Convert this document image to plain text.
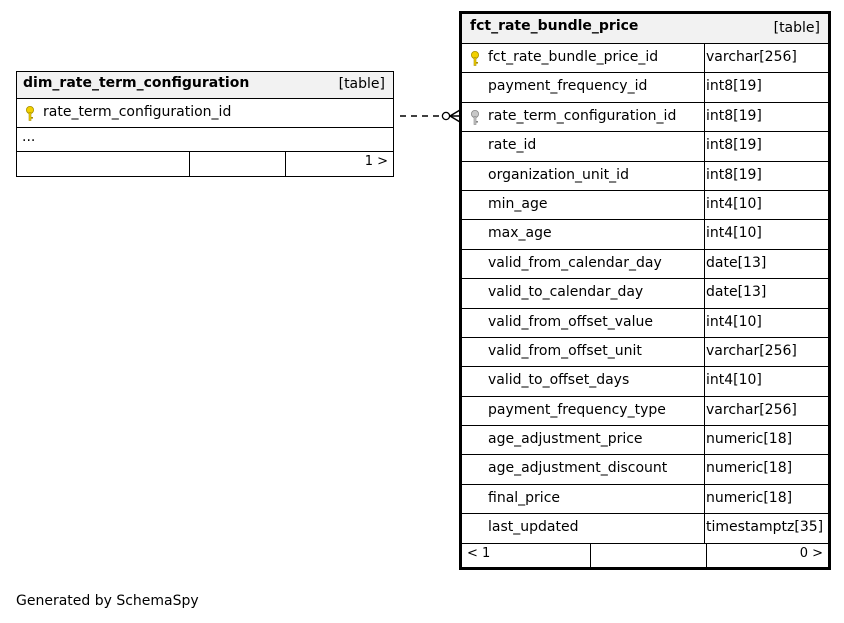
dim_rate_term_configuration	[table]
rate_term_configuration_id
...
1 >
fct_rate_bundle_price	[table]
fct_rate_bundle_price_id	varchar[256]
payment_frequency_id	int8[19]
rate_term_configuration_id int8[19]
rate_id	int8[19]
organization_unit_id	int8[19]
min_age	int4[10]
max_age	int4[10]
valid_from_calendar_day	date[13]
valid_to_calendar_day	date[13]
valid_from_offset_value	int4[10]
valid_from_offset_unit	varchar[256]
valid_to_offset_days	int4[10]
payment_frequency_type	varchar[256]
age_adjustment_price	numeric[18]
age_adjustment_discount	numeric[18]
final_price	numeric[18]
last_updated	timestamptz[35]
< 1	0 >
Generated by SchemaSpy
